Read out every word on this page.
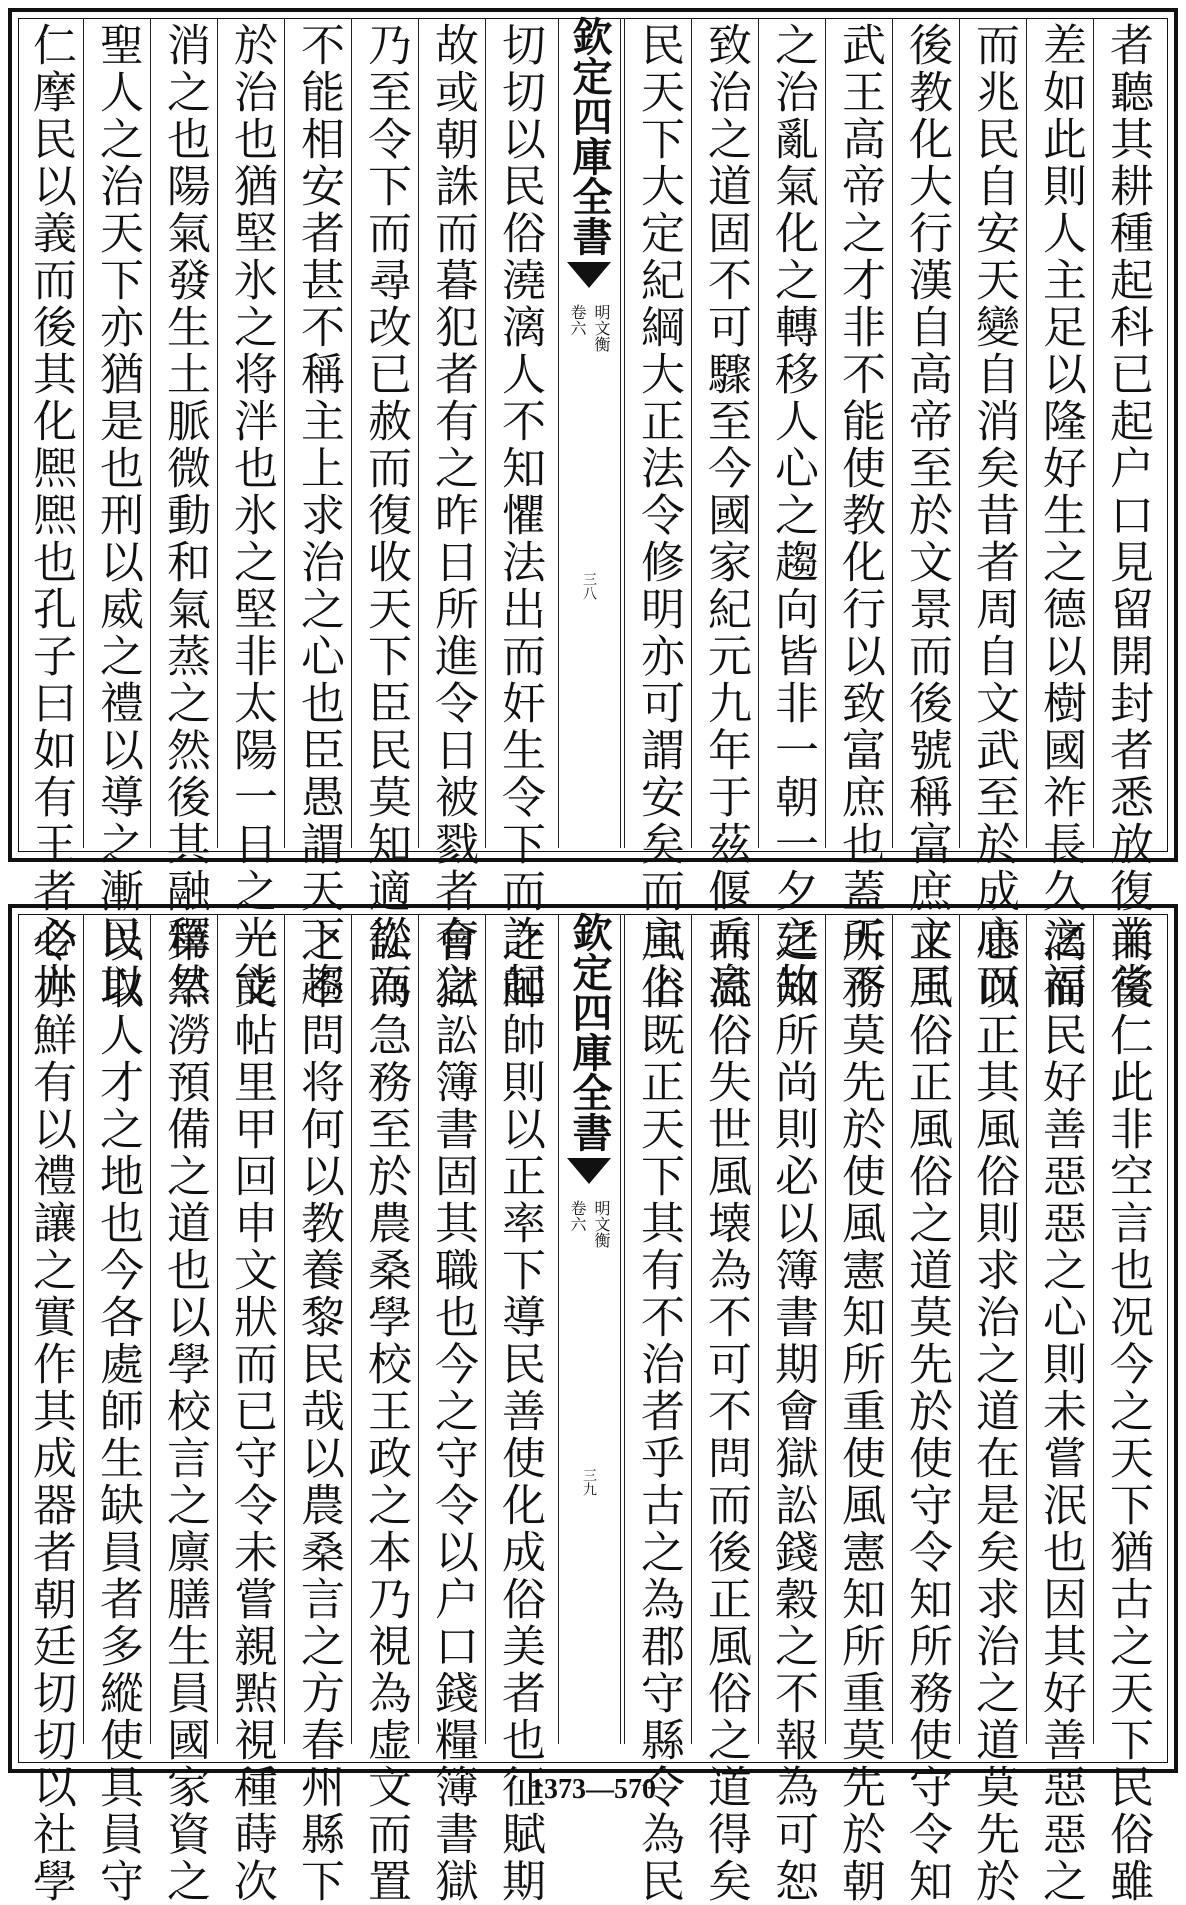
者聽其耕種起科已起户口見留開封者悉放復業當
差如此則人主足以隆好生之德以樹國祚長久之福
而兆民自安天變自消矣昔者周自文武至於成康而
後教化大行漢自高帝至於文景而後號稱富庶文王
武王高帝之才非不能使教化行以致富庶也蓋天下
之治亂氣化之轉移人心之趨向皆非一朝一夕之故
致治之道固不可驟至今國家紀元九年于茲偃兵息
民天下大定紀綱大正法令修明亦可謂安矣而主上
切切以民俗澆漓人不知懼法出而奸生令下而詐起
故或朝誅而暮犯者有之昨日所進令日被戮者有之
乃至令下而尋改已赦而復收天下臣民莫知適從而
不能相安者甚不稱主上求治之心也臣愚謂天下趨
於治也猶堅氷之将泮也氷之堅非太陽一日之光能
消之也陽氣發生土脈微動和氣蒸之然後其融釋然
聖人之治天下亦猶是也刑以威之禮以導之漸民以
仁摩民以義而後其化熈熈也孔子曰如有王者必世	欽定四庫全書
明文衡
卷六
三八
而後仁此非空言也况今之天下猶古之天下民俗雖
漓而民好善惡惡之心則未嘗泯也因其好善惡惡之
心以正其風俗則求治之道在是矣求治之道莫先於
正風俗正風俗之道莫先於使守令知所務使守令知
所務莫先於使風憲知所重使風憲知所重莫先於朝
廷知所尚則必以簿書期會獄訟錢穀之不報為可恕
而流俗失世風壊為不可不問而後正風俗之道得矣
風俗既正天下其有不治者乎古之為郡守縣令為民
之師帥則以正率下導民善使化成俗美者也征賦期
會獄訟簿書固其職也今之守令以户口錢糧簿書獄
訟為急務至於農桑學校王政之本乃視為虚文而置
之不問将何以教養黎民哉以農桑言之方春州縣下
一文帖里甲回申文狀而已守令未嘗親㸃視種蒔次
第旱澇預備之道也以學校言之廪膳生員國家資之
以取人才之地也今各處師生缺員者多縱使具員守
令亦鮮有以禮讓之實作其成器者朝廷切切以社學	欽定四庫全書
明文衡
卷六
三九
1373—570
